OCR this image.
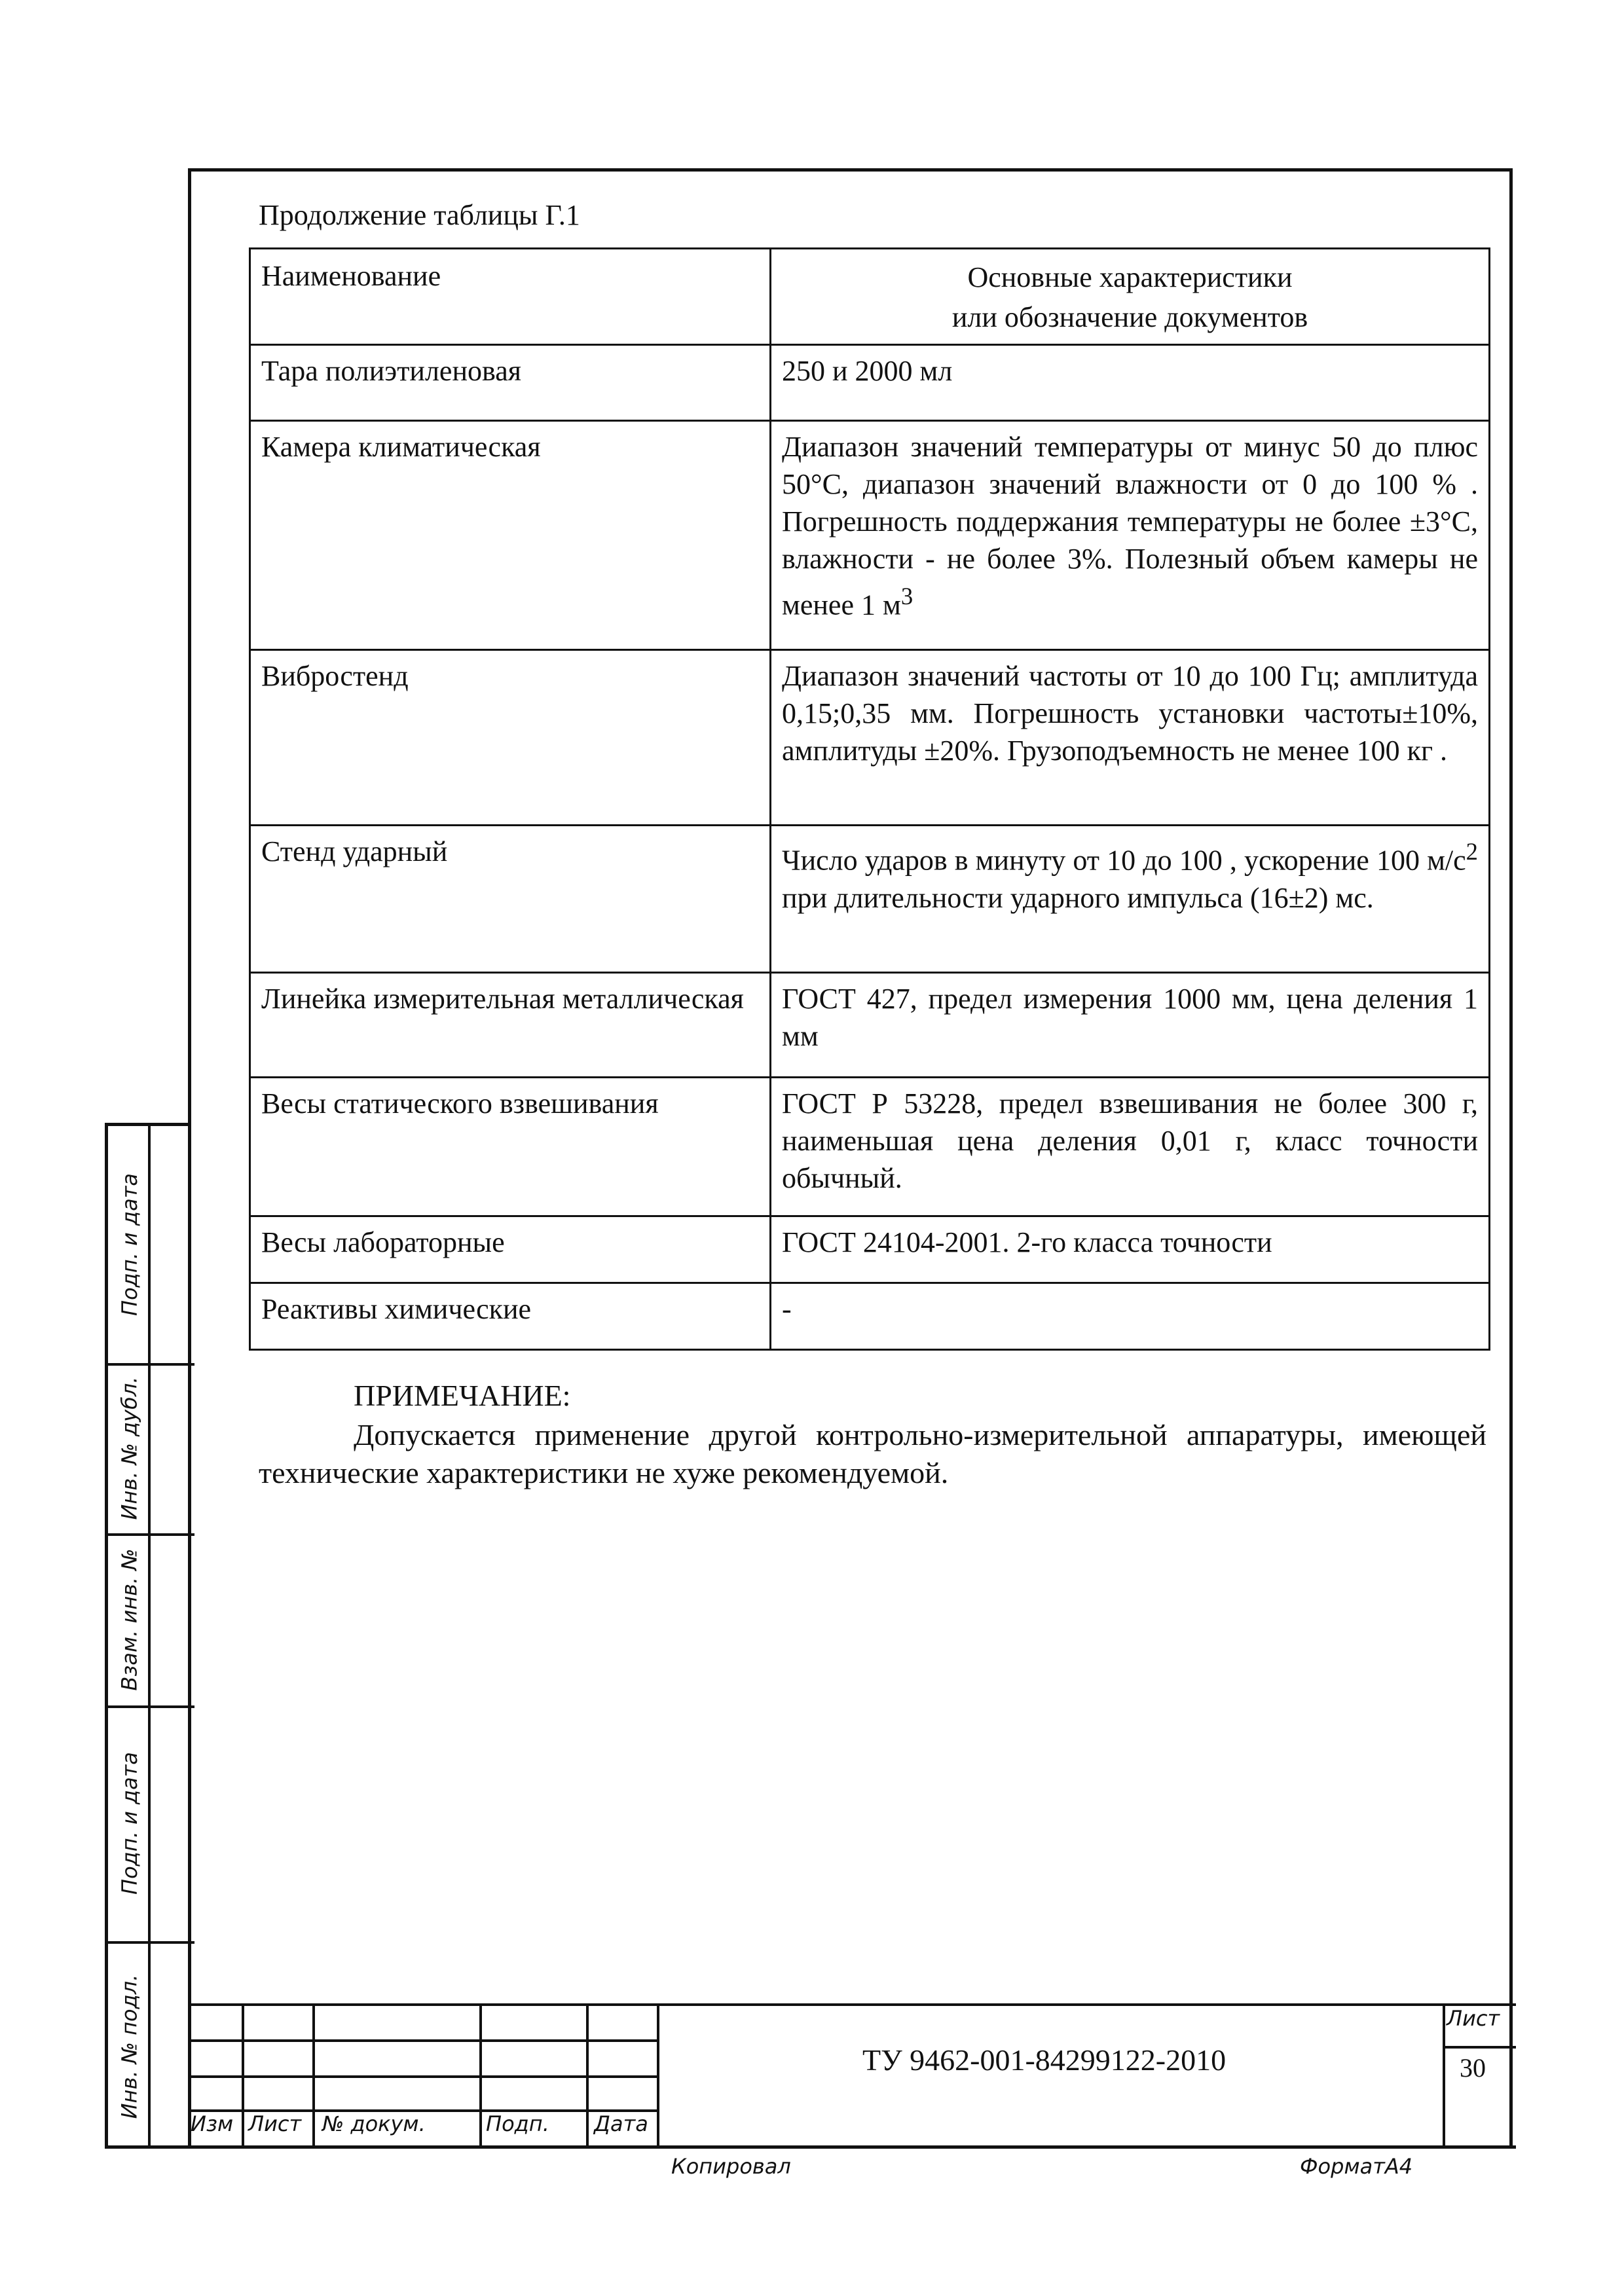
Продолжение таблицы Г.1
Наименование	Основные характеристики
или обозначение документов
Тара полиэтиленовая	250 и 2000 мл
Камера климатическая	Диапазон значений температуры от минус 50 до плюс 50°С, диапазон значений влажности от 0 до 100 % . Погрешность поддержания температуры не более ±3°С, влажности - не более 3%. Полезный объем камеры не менее 1 $м^3$
Вибростенд	Диапазон значений частоты от 10 до 100 Гц; амплитуда 0,15;0,35 мм. Погрешность установки частоты±10%, амплитуды ±20%. Грузоподъемность не менее 100 кг .
Стенд ударный	Число ударов в минуту от 10 до 100 , ускорение 100 $м/с^2$ при длительности ударного импульса (16±2) мс.
Линейка измерительная металлическая	ГОСТ 427, предел измерения 1000 мм, цена деления 1 мм
Весы статического взвешивания	ГОСТ Р 53228, предел взвешивания не более 300 г, наименьшая цена деления 0,01 г, класс точности обычный.
Весы лабораторные	ГОСТ 24104-2001. 2-го класса точности
Реактивы химические	-
ПРИМЕЧАНИЕ:
Допускается применение другой контрольно-измерительной аппаратуры, имеющей технические характеристики не хуже рекомендуемой.
Подп. и дата
Инв. № дубл.
Взам. инв. №
Подп. и дата
Инв. № подл.
Изм Лист № докум.	Подп. Дата
ТУ 9462-001-84299122-2010
Лист
30
Копировал	ФорматА4
